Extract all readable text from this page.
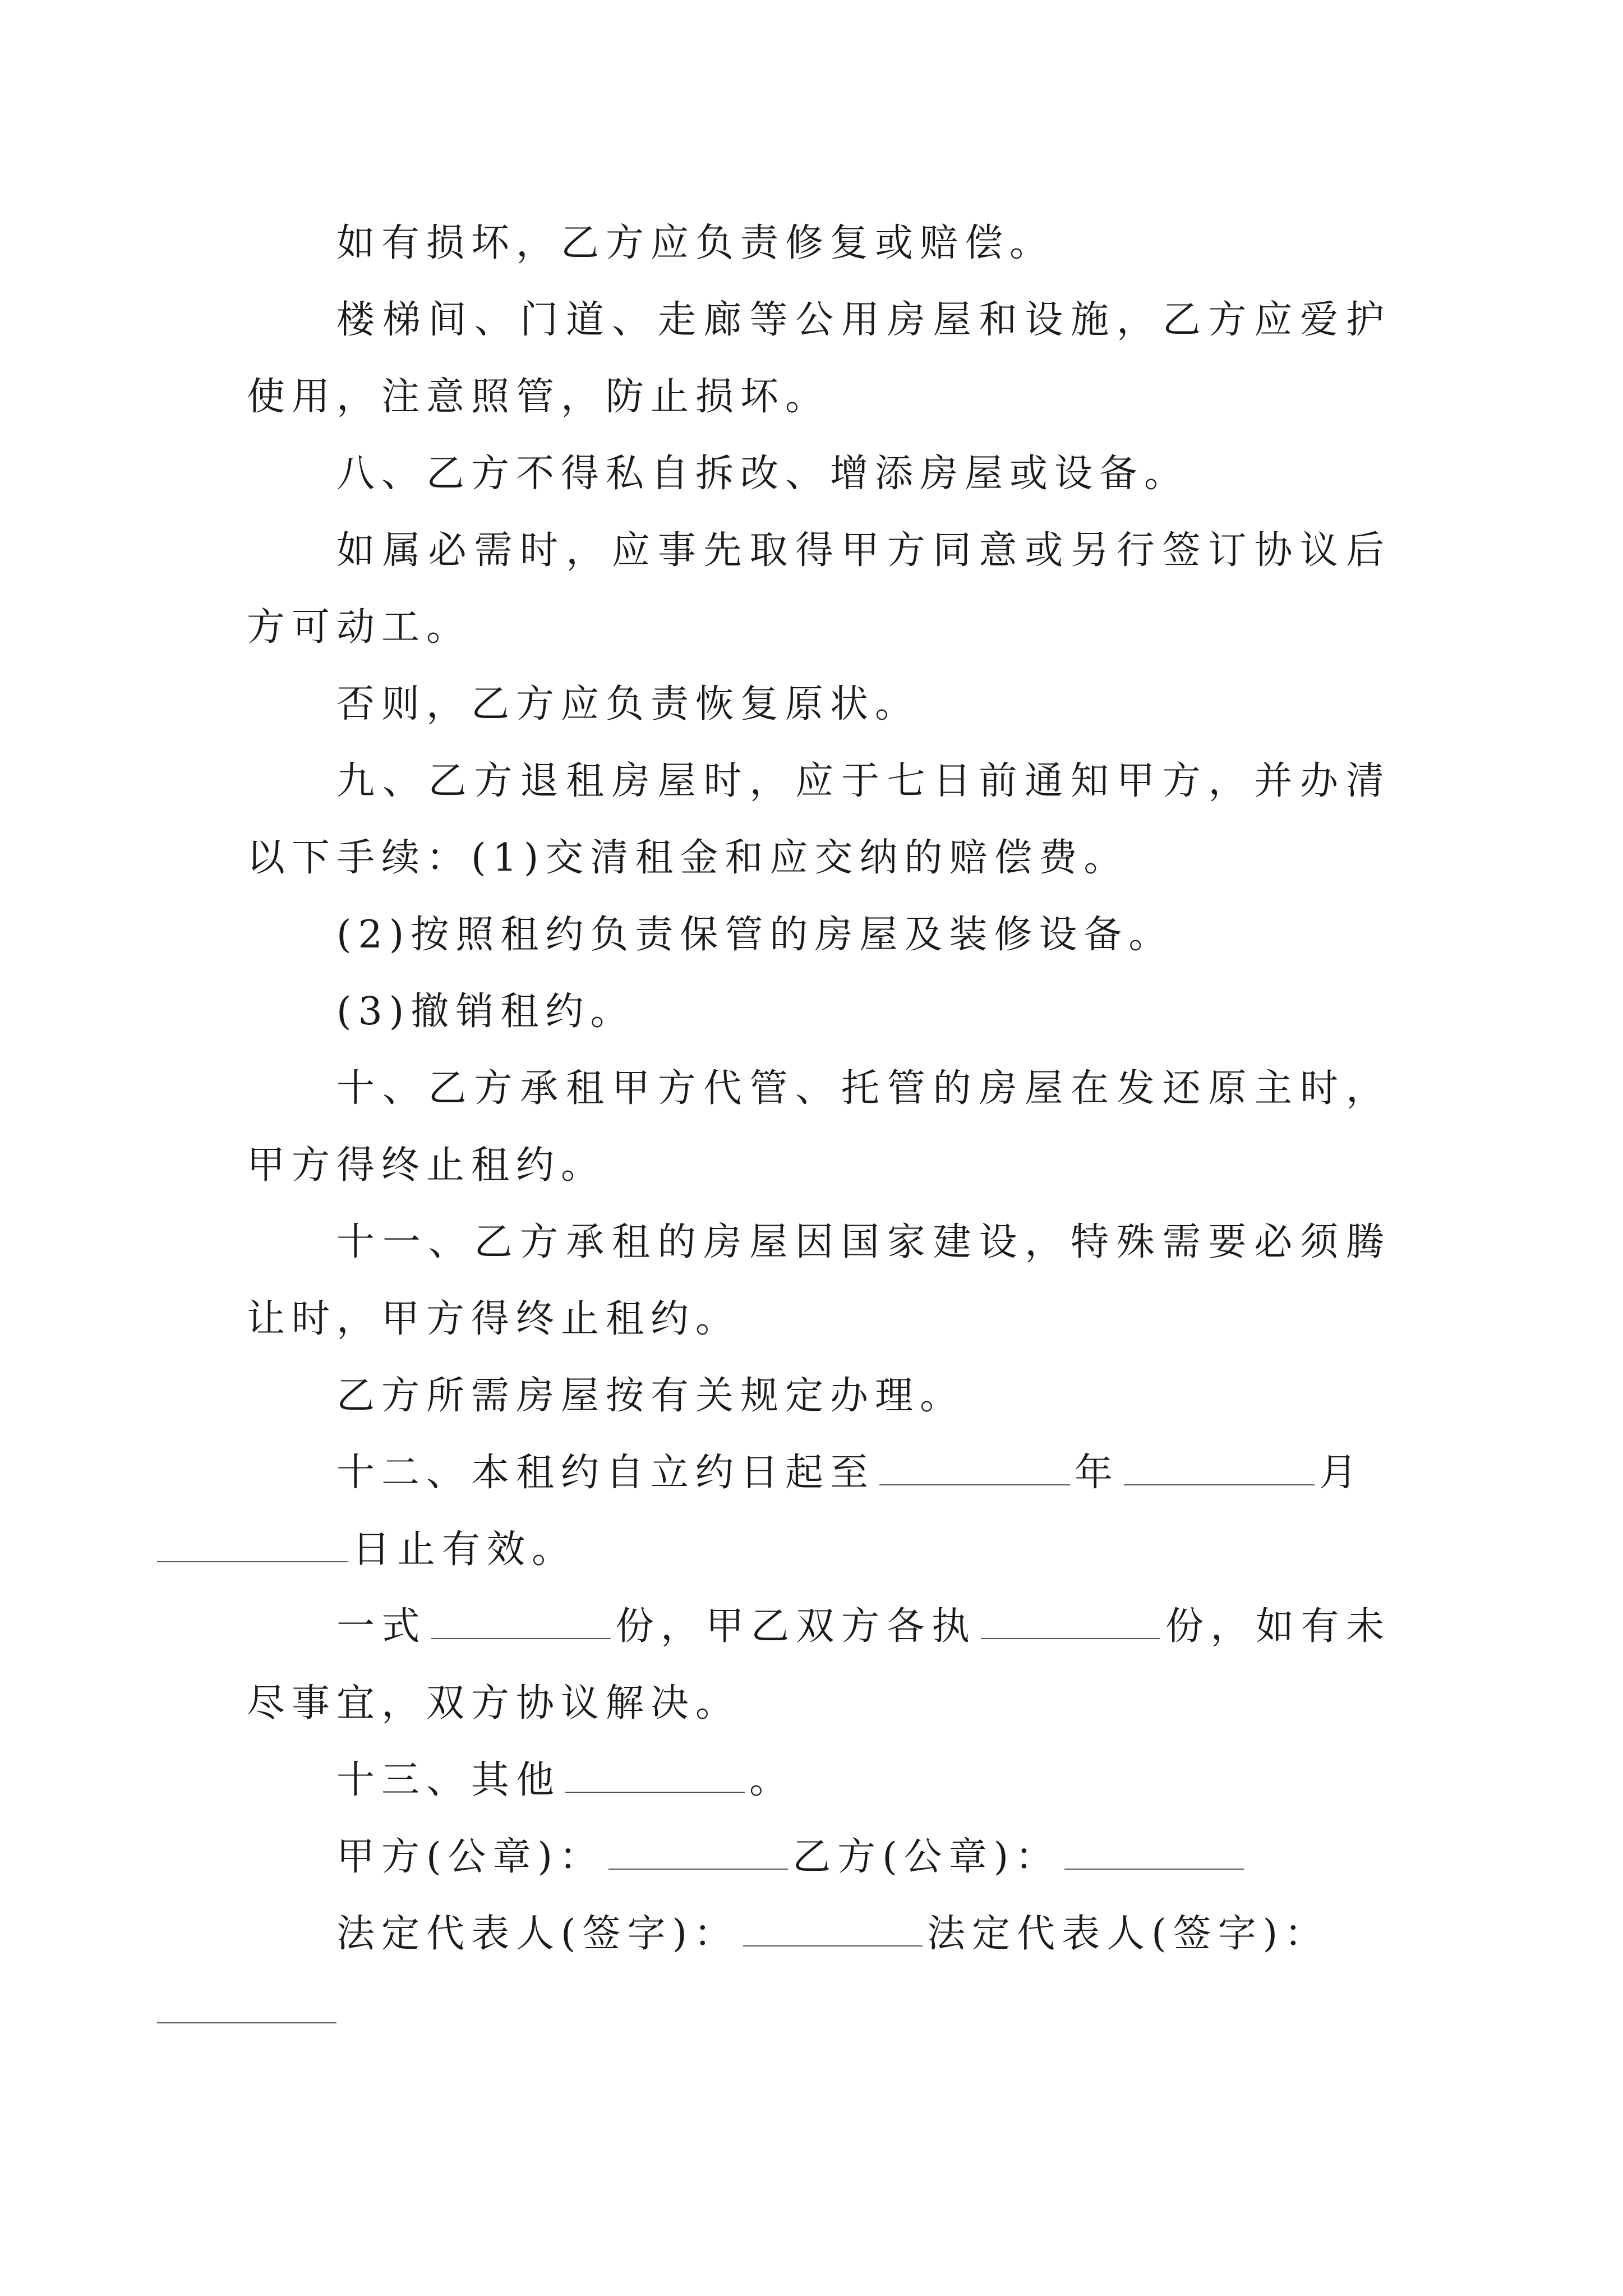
如有损坏，乙方应负责修复或赔偿。

楼梯间、门道、走廊等公用房屋和设施，乙方应爱护使用，注意照管，防止损坏。

八、乙方不得私自拆改、增添房屋或设备。

如属必需时，应事先取得甲方同意或另行签订协议后方可动工。

否则，乙方应负责恢复原状。

九、乙方退租房屋时，应于七日前通知甲方，并办清以下手续：(1)交清租金和应交纳的赔偿费。

(2)按照租约负责保管的房屋及装修设备。

(3)撤销租约。

十、乙方承租甲方代管、托管的房屋在发还原主时，甲方得终止租约。

十一、乙方承租的房屋因国家建设，特殊需要必须腾让时，甲方得终止租约。

乙方所需房屋按有关规定办理。

十二、本租约自立约日起至	年	月
日止有效。

一式	份，甲乙双方各执	份，如有未尽事宜，双方协议解决。

十三、其他	。

甲方(公章)：	乙方(公章)：

法定代表人(签字)：	法定代表人(签字)：
